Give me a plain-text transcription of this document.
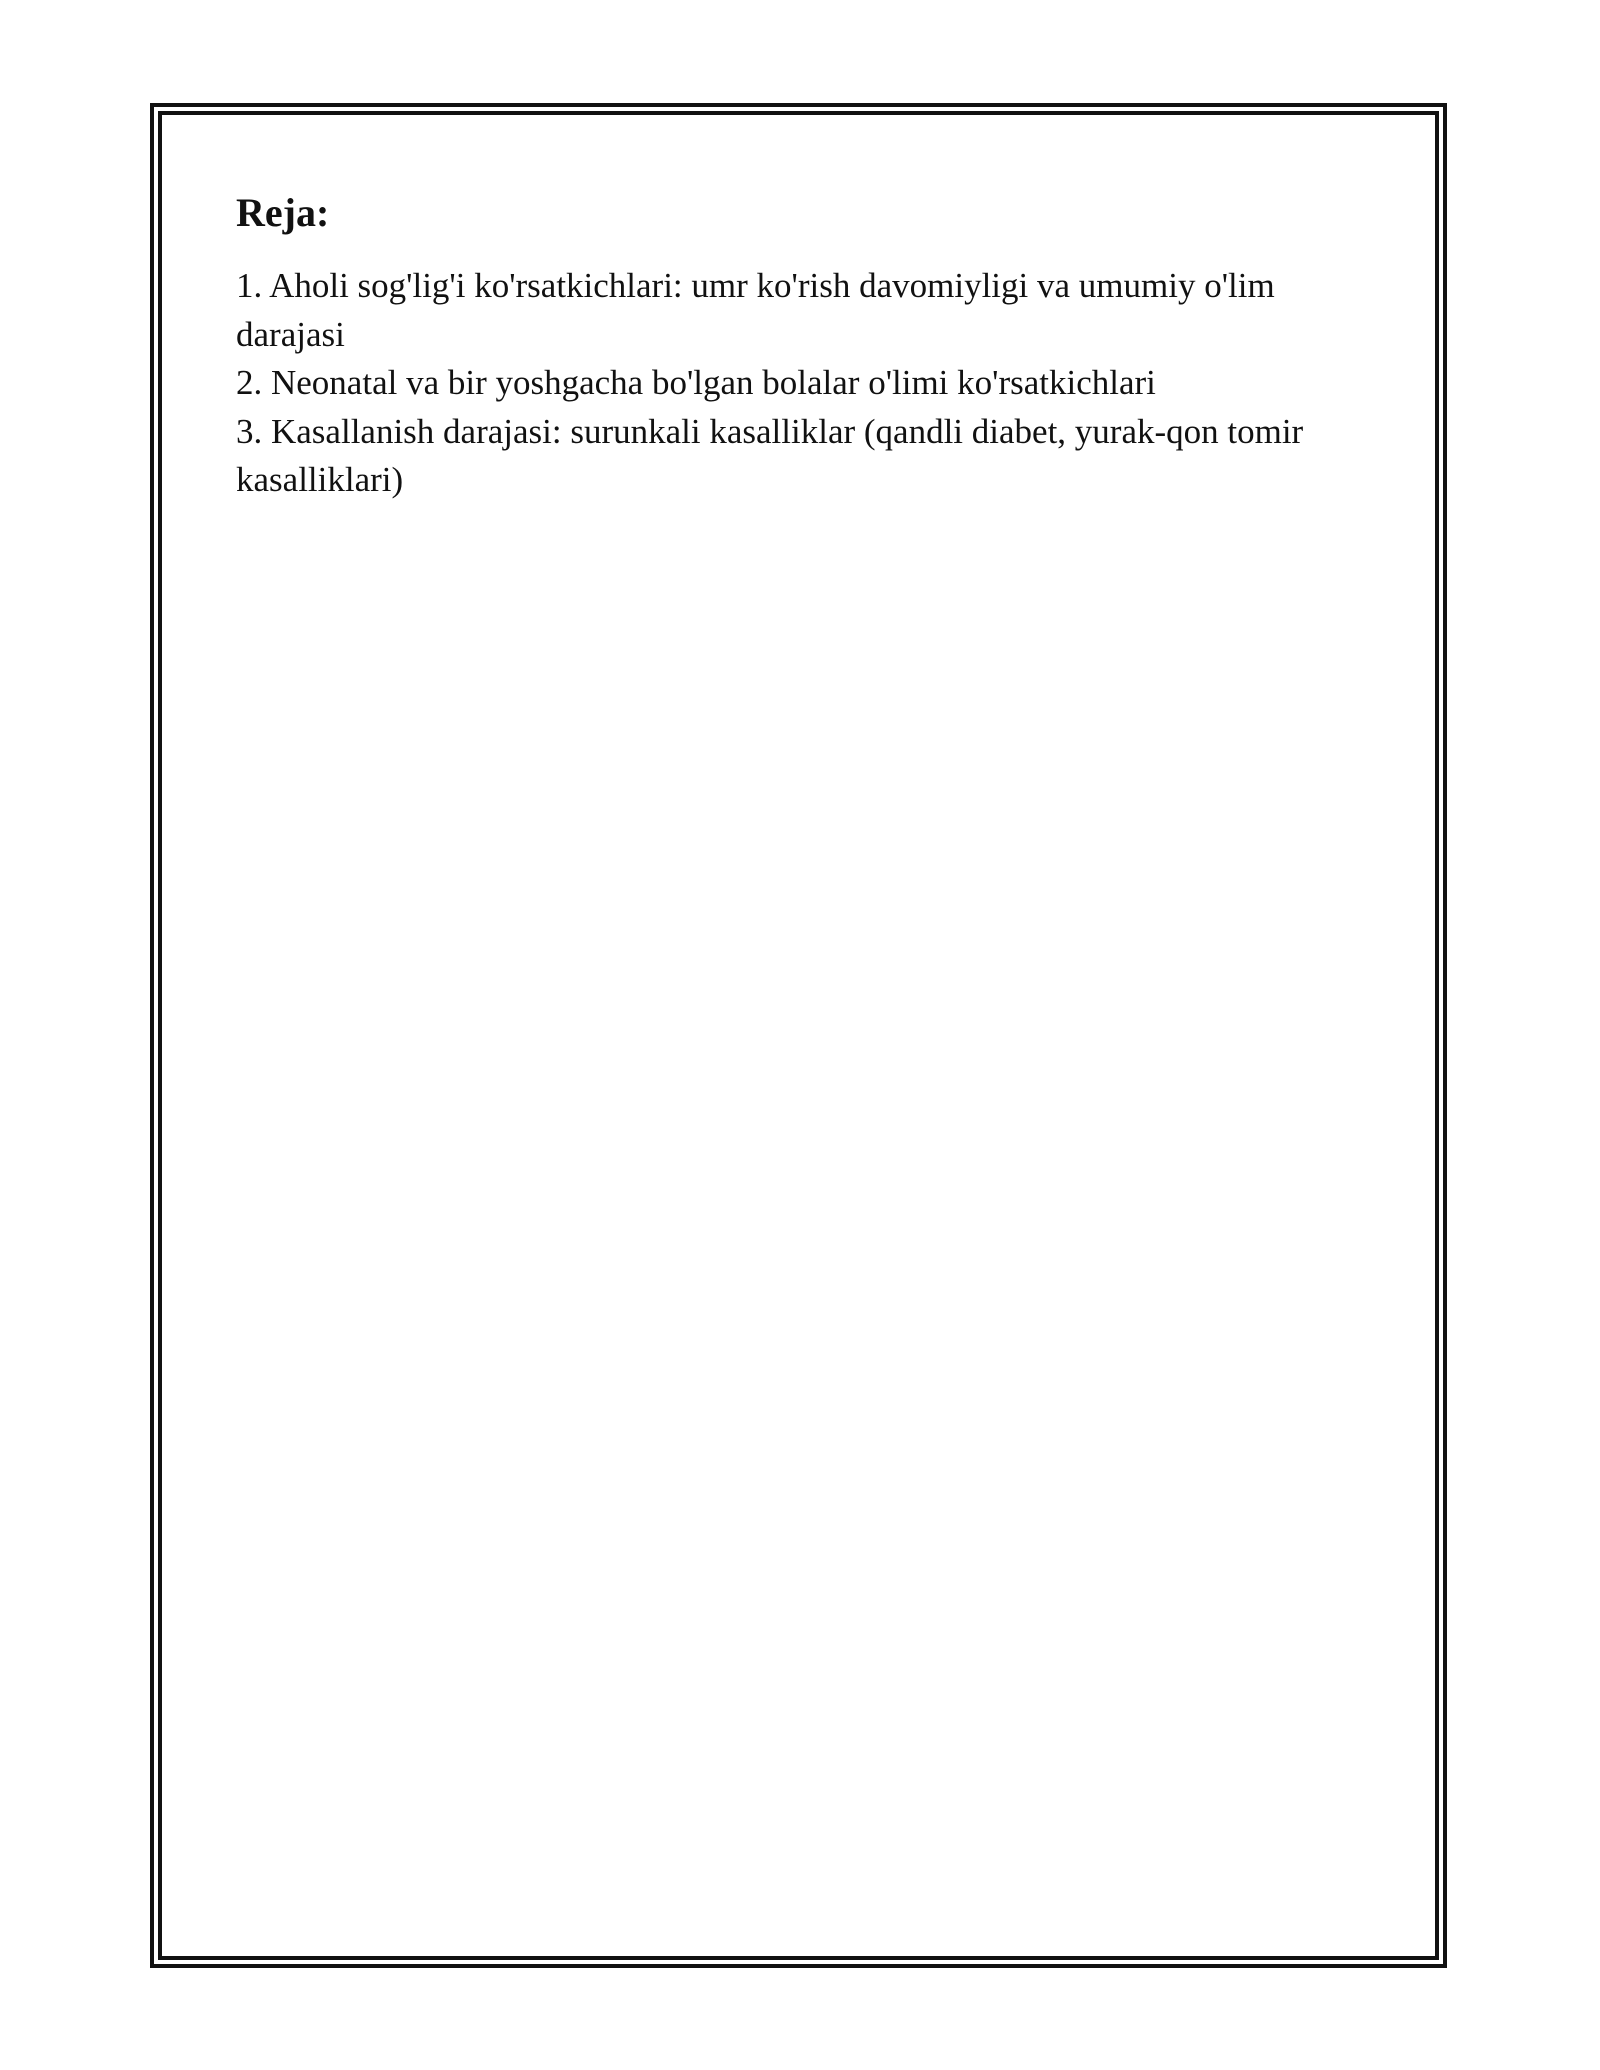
Reja:
1. Aholi sog'lig'i ko'rsatkichlari: umr ko'rish davomiyligi va umumiy o'lim darajasi
2. Neonatal va bir yoshgacha bo'lgan bolalar o'limi ko'rsatkichlari
3. Kasallanish darajasi: surunkali kasalliklar (qandli diabet, yurak-qon tomir kasalliklari)
